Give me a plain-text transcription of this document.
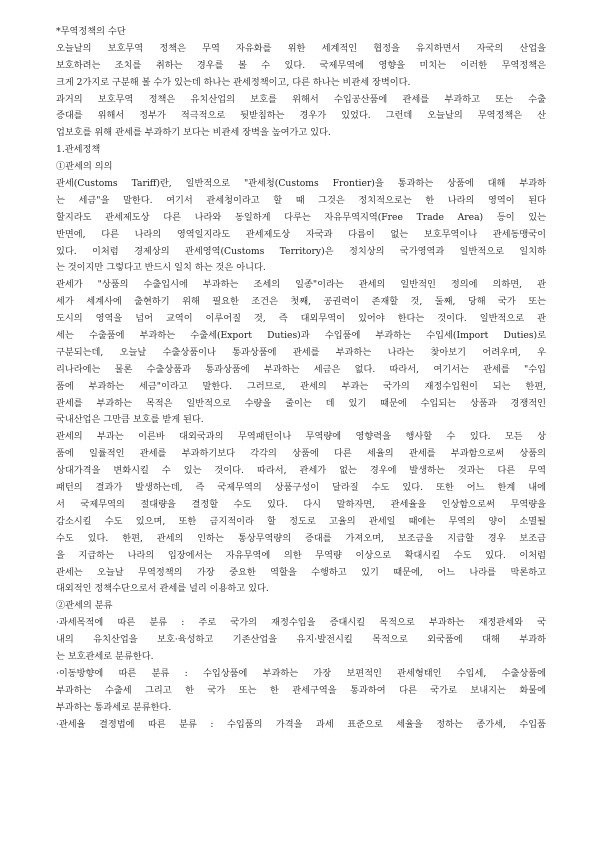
*무역정책의 수단
오늘날의 보호무역 정책은 무역 자유화를 위한 세계적인 협정을 유지하면서 자국의 산업을
보호하려는 조치를 취하는 경우를 볼 수 있다. 국제무역에 영향을 미치는 이러한 무역정책은
크게 2가지로 구분해 볼 수가 있는데 하나는 관세정책이고, 다른 하나는 비관세 장벽이다.
과거의 보호무역 정책은 유치산업의 보호를 위해서 수입공산품에 관세를 부과하고 또는 수출
증대를 위해서 정부가 적극적으로 뒷받침하는 경우가 있었다. 그런데 오늘날의 무역정책은 산
업보호를 위해 관세를 부과하기 보다는 비관세 장벽을 높여가고 있다.
1.관세정책
①관세의 의의
관세(Customs Tariff)란, 일반적으로 "관세청(Customs Frontier)을 통과하는 상품에 대해 부과하
는 세금"을 말한다. 여기서 관세청이라고 할 때 그것은 정치적으로는 한 나라의 영역이 된다
할지라도 관세제도상 다른 나라와 동일하게 다루는 자유무역지역(Free Trade Area) 등이 있는
반면에, 다른 나라의 영역일지라도 관세제도상 자국과 다름이 없는 보호무역이나 관세동맹국이
있다. 이처럼 경제상의 관세영역(Customs Territory)은 정치상의 국가영역과 일반적으로 일치하
는 것이지만 그렇다고 반드시 일치 하는 것은 아니다.
관세가 "상품의 수출입시에 부과하는 조세의 일종"이라는 관세의 일반적인 정의에 의하면, 관
세가 세계사에 출현하기 위해 필요한 조건은 첫째, 공권력이 존재할 것, 둘째, 당해 국가 또는
도시의 영역을 넘어 교역이 이루어질 것, 즉 대외무역이 있어야 한다는 것이다. 일반적으로 관
세는 수출품에 부과하는 수출세(Export Duties)과 수입품에 부과하는 수입세(Import Duties)로
구분되는데, 오늘날 수출상품이나 통과상품에 관세를 부과하는 나라는 찾아보기 어려우며, 우
리나라에는 물론 수출상품과 통과상품에 부과하는 세금은 없다. 따라서, 여기서는 관세를 "수입
품에 부과하는 세금"이라고 말한다. 그러므로, 관세의 부과는 국가의 재정수입원이 되는 한편,
관세를 부과하는 목적은 일반적으로 수량을 줄이는 데 있기 때문에 수입되는 상품과 경쟁적인
국내산업은 그만큼 보호를 받게 된다.
관세의 부과는 이른바 대외국과의 무역패턴이나 무역량에 영향력을 행사할 수 있다. 모든 상
품에 일률적인 관세를 부과하기보다 각각의 상품에 다른 세율의 관세를 부과함으로써 상품의
상대가격을 변화시킬 수 있는 것이다. 따라서, 관세가 없는 경우에 발생하는 것과는 다른 무역
패턴의 결과가 발생하는데, 즉 국제무역의 상품구성이 달라질 수도 있다. 또한 어느 한계 내에
서 국제무역의 절대량을 결정할 수도 있다. 다시 말하자면, 관세율을 인상함으로써 무역량을
감소시킬 수도 있으며, 또한 금지적이라 할 정도로 고율의 관세일 때에는 무역의 양이 소멸될
수도 있다. 한편, 관세의 인하는 통상무역량의 증대를 가져오며, 보조금을 지급할 경우 보조금
을 지급하는 나라의 입장에서는 자유무역에 의한 무역량 이상으로 확대시킬 수도 있다. 이처럼
관세는 오늘날 무역정책의 가장 중요한 역할을 수행하고 있기 때문에, 어느 나라를 막론하고
대외적인 정책수단으로서 관세를 널리 이용하고 있다.
②관세의 분류
·과세목적에 따른 분류 : 주로 국가의 재정수입을 증대시킬 목적으로 부과하는 재정관세와 국
내의 유치산업을 보호·육성하고 기존산업을 유지·발전시킬 목적으로 외국품에 대해 부과하
는 보호관세로 분류한다.
·이동방향에 따른 분류 : 수입상품에 부과하는 가장 보편적인 관세형태인 수입세, 수출상품에
부과하는 수출세 그리고 한 국가 또는 한 관세구역을 통과하여 다른 국가로 보내지는 화물에
부과하는 통과세로 분류한다.
·관세율 결정법에 따른 분류 : 수입품의 가격을 과세 표준으로 세율을 정하는 종가세, 수입품
